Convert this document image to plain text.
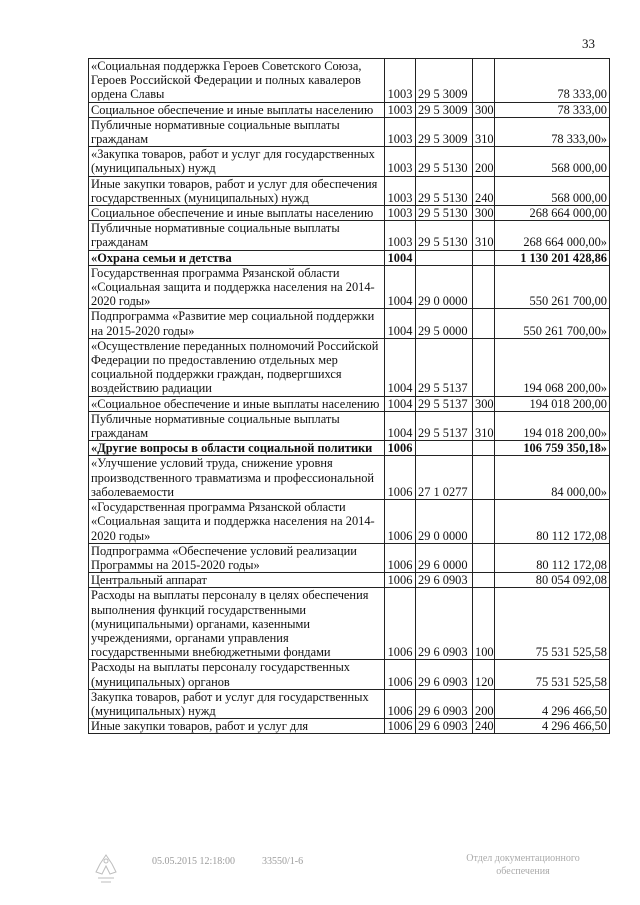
33
«Социальная поддержка Героев Советского Союза, Героев Российской Федерации и полных кавалеров ордена Славы	1003	29 5 3009		78 333,00
Социальное обеспечение и иные выплаты населению	1003	29 5 3009	300	78 333,00
Публичные нормативные социальные выплаты гражданам	1003	29 5 3009	310	78 333,00»
«Закупка товаров, работ и услуг для государственных (муниципальных) нужд	1003	29 5 5130	200	568 000,00
Иные закупки товаров, работ и услуг для обеспечения государственных (муниципальных) нужд	1003	29 5 5130	240	568 000,00
Социальное обеспечение и иные выплаты населению	1003	29 5 5130	300	268 664 000,00
Публичные нормативные социальные выплаты гражданам	1003	29 5 5130	310	268 664 000,00»
«Охрана семьи и детства	1004			1 130 201 428,86
Государственная программа Рязанской области «Социальная защита и поддержка населения на 2014-2020 годы»	1004	29 0 0000		550 261 700,00
Подпрограмма «Развитие мер социальной поддержки на 2015-2020 годы»	1004	29 5 0000		550 261 700,00»
«Осуществление переданных полномочий Российской Федерации по предоставлению отдельных мер социальной поддержки граждан, подвергшихся воздействию радиации	1004	29 5 5137		194 068 200,00»
«Социальное обеспечение и иные выплаты населению	1004	29 5 5137	300	194 018 200,00
Публичные нормативные социальные выплаты гражданам	1004	29 5 5137	310	194 018 200,00»
«Другие вопросы в области социальной политики	1006			106 759 350,18»
«Улучшение условий труда, снижение уровня производственного травматизма и профессиональной заболеваемости	1006	27 1 0277		84 000,00»
«Государственная программа Рязанской области «Социальная защита и поддержка населения на 2014-2020 годы»	1006	29 0 0000		80 112 172,08
Подпрограмма «Обеспечение условий реализации Программы на 2015-2020 годы»	1006	29 6 0000		80 112 172,08
Центральный аппарат	1006	29 6 0903		80 054 092,08
Расходы на выплаты персоналу в целях обеспечения выполнения функций государственными (муниципальными) органами, казенными учреждениями, органами управления государственными внебюджетными фондами	1006	29 6 0903	100	75 531 525,58
Расходы на выплаты персоналу государственных (муниципальных) органов	1006	29 6 0903	120	75 531 525,58
Закупка товаров, работ и услуг для государственных (муниципальных) нужд	1006	29 6 0903	200	4 296 466,50
Иные закупки товаров, работ и услуг для	1006	29 6 0903	240	4 296 466,50
05.05.2015 12:18:00	33550/1-6	Отдел документационного
обеспечения
